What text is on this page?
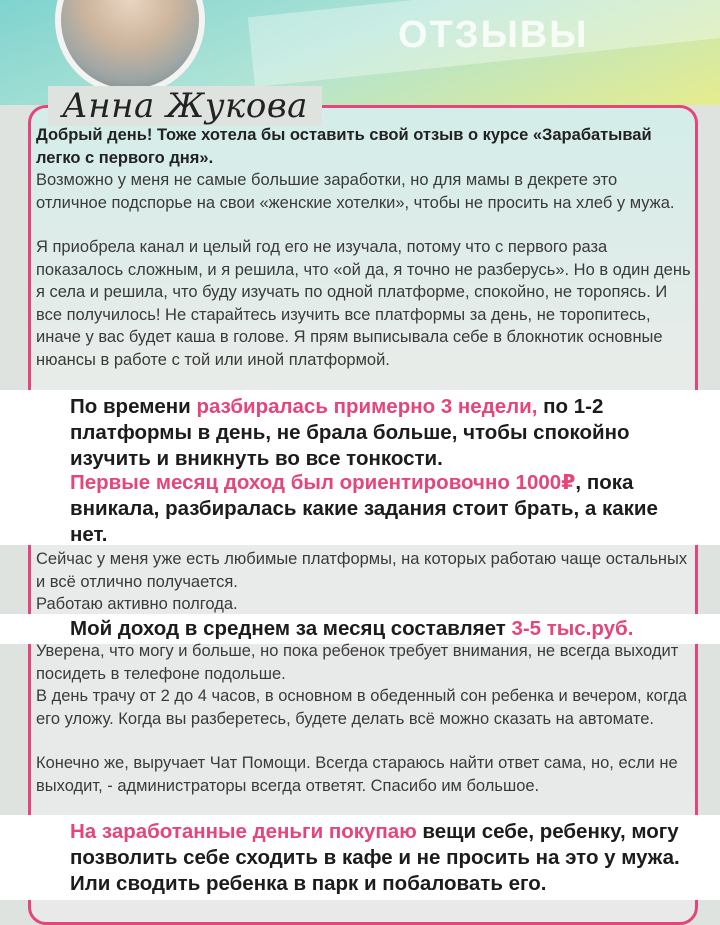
ОТЗЫВЫ
Анна Жукова
Добрый день! Тоже хотела бы оставить свой отзыв о курсе «Зарабатывай легко с первого дня».
Возможно у меня не самые большие заработки, но для мамы в декрете это отличное подспорье на свои «женские хотелки», чтобы не просить на хлеб у мужа.
Я приобрела канал и целый год его не изучала, потому что с первого раза показалось сложным, и я решила, что «ой да, я точно не разберусь». Но в один день я села и решила, что буду изучать по одной платформе, спокойно, не торопясь. И все получилось! Не старайтесь изучить все платформы за день, не торопитесь, иначе у вас будет каша в голове. Я прям выписывала себе в блокнотик основные нюансы в работе с той или иной платформой.
По времени разбиралась примерно 3 недели, по 1-2 платформы в день, не брала больше, чтобы спокойно изучить и вникнуть во все тонкости.
Первые месяц доход был ориентировочно 1000₽, пока вникала, разбиралась какие задания стоит брать, а какие нет.
Сейчас у меня уже есть любимые платформы, на которых работаю чаще остальных и всё отлично получается.
Работаю активно полгода.
Мой доход в среднем за месяц составляет 3-5 тыс.руб.
Уверена, что могу и больше, но пока ребенок требует внимания, не всегда выходит посидеть в телефоне подольше.
В день трачу от 2 до 4 часов, в основном в обеденный сон ребенка и вечером, когда его уложу. Когда вы разберетесь, будете делать всё можно сказать на автомате.
Конечно же, выручает Чат Помощи. Всегда стараюсь найти ответ сама, но, если не выходит, - администраторы всегда ответят. Спасибо им большое.
На заработанные деньги покупаю вещи себе, ребенку, могу позволить себе сходить в кафе и не просить на это у мужа. Или сводить ребенка в парк и побаловать его.
